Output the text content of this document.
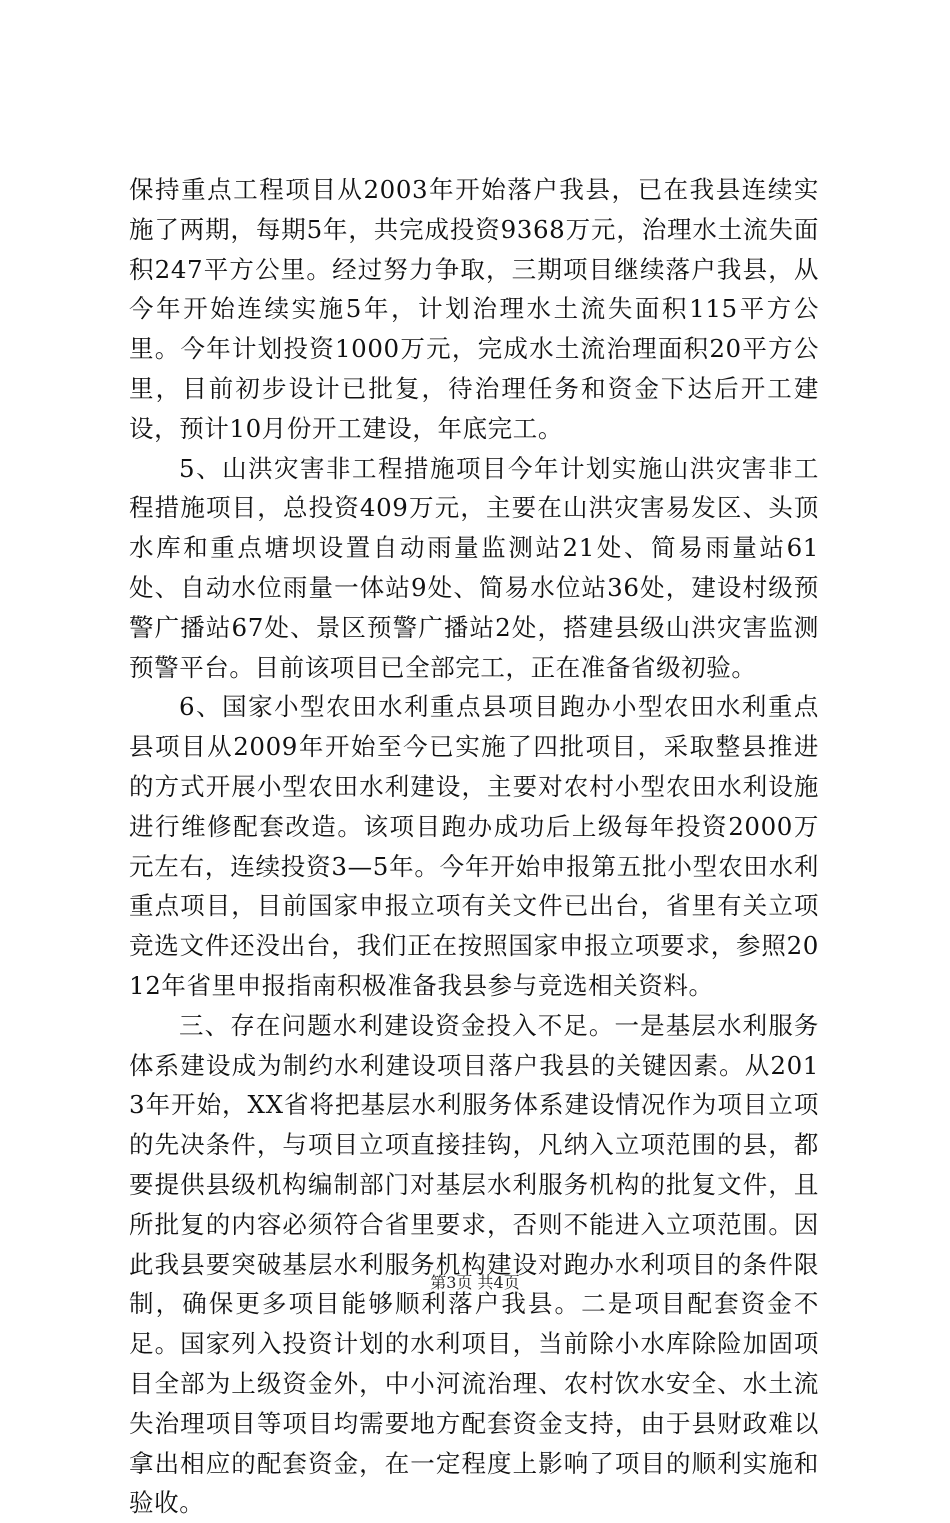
保持重点工程项目从2003年开始落户我县，已在我县连续实施了两期，每期5年，共完成投资9368万元，治理水土流失面积247平方公里。经过努力争取，三期项目继续落户我县，从今年开始连续实施5年，计划治理水土流失面积115平方公里。今年计划投资1000万元，完成水土流治理面积20平方公里，目前初步设计已批复，待治理任务和资金下达后开工建设，预计10月份开工建设，年底完工。

5、山洪灾害非工程措施项目今年计划实施山洪灾害非工程措施项目，总投资409万元，主要在山洪灾害易发区、头顶水库和重点塘坝设置自动雨量监测站21处、简易雨量站61处、自动水位雨量一体站9处、简易水位站36处，建设村级预警广播站67处、景区预警广播站2处，搭建县级山洪灾害监测预警平台。目前该项目已全部完工，正在准备省级初验。

6、国家小型农田水利重点县项目跑办小型农田水利重点县项目从2009年开始至今已实施了四批项目，采取整县推进的方式开展小型农田水利建设，主要对农村小型农田水利设施进行维修配套改造。该项目跑办成功后上级每年投资2000万元左右，连续投资3—5年。今年开始申报第五批小型农田水利重点项目，目前国家申报立项有关文件已出台，省里有关立项竞选文件还没出台，我们正在按照国家申报立项要求，参照2012年省里申报指南积极准备我县参与竞选相关资料。

三、存在问题水利建设资金投入不足。一是基层水利服务体系建设成为制约水利建设项目落户我县的关键因素。从2013年开始，XX省将把基层水利服务体系建设情况作为项目立项的先决条件，与项目立项直接挂钩，凡纳入立项范围的县，都要提供县级机构编制部门对基层水利服务机构的批复文件，且所批复的内容必须符合省里要求，否则不能进入立项范围。因此我县要突破基层水利服务机构建设对跑办水利项目的条件限制，确保更多项目能够顺利落户我县。二是项目配套资金不足。国家列入投资计划的水利项目，当前除小水库除险加固项目全部为上级资金外，中小河流治理、农村饮水安全、水土流失治理项目等项目均需要地方配套资金支持，由于县财政难以拿出相应的配套资金，在一定程度上影响了项目的顺利实施和验收。

第3页 共4页
